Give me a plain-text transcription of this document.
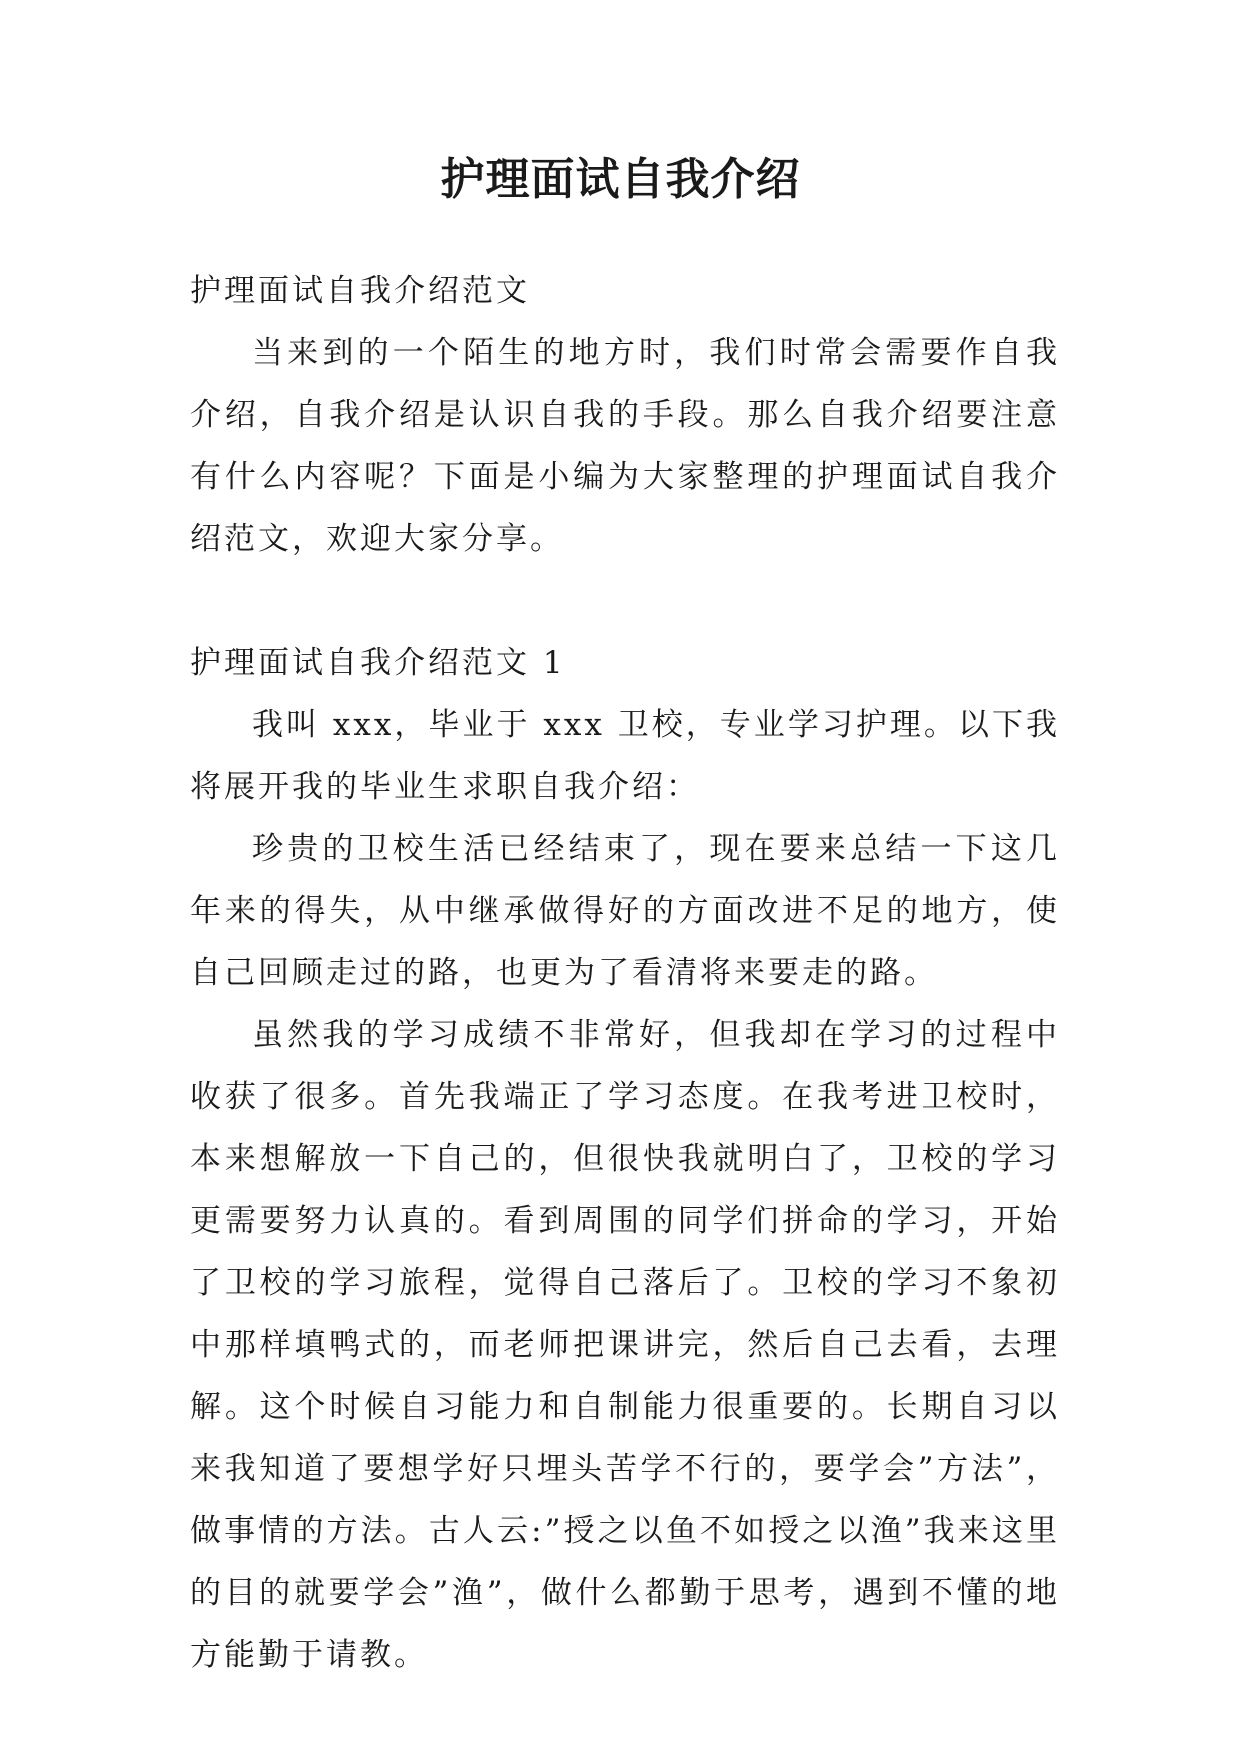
护理面试自我介绍
护理面试自我介绍范文

当来到的一个陌生的地方时，我们时常会需要作自我介绍，自我介绍是认识自我的手段。那么自我介绍要注意有什么内容呢？下面是小编为大家整理的护理面试自我介绍范文，欢迎大家分享。

护理面试自我介绍范文 1

我叫 xxx，毕业于 xxx 卫校，专业学习护理。以下我将展开我的毕业生求职自我介绍：

珍贵的卫校生活已经结束了，现在要来总结一下这几年来的得失，从中继承做得好的方面改进不足的地方，使自己回顾走过的路，也更为了看清将来要走的路。

虽然我的学习成绩不非常好，但我却在学习的过程中收获了很多。首先我端正了学习态度。在我考进卫校时，本来想解放一下自己的，但很快我就明白了，卫校的学习更需要努力认真的。看到周围的同学们拼命的学习，开始了卫校的学习旅程，觉得自己落后了。卫校的学习不象初中那样填鸭式的，而老师把课讲完，然后自己去看，去理解。这个时候自习能力和自制能力很重要的。长期自习以来我知道了要想学好只埋头苦学不行的，要学会”方法”，做事情的方法。古人云:”授之以鱼不如授之以渔”我来这里的目的就要学会”渔”，做什么都勤于思考，遇到不懂的地方能勤于请教。
